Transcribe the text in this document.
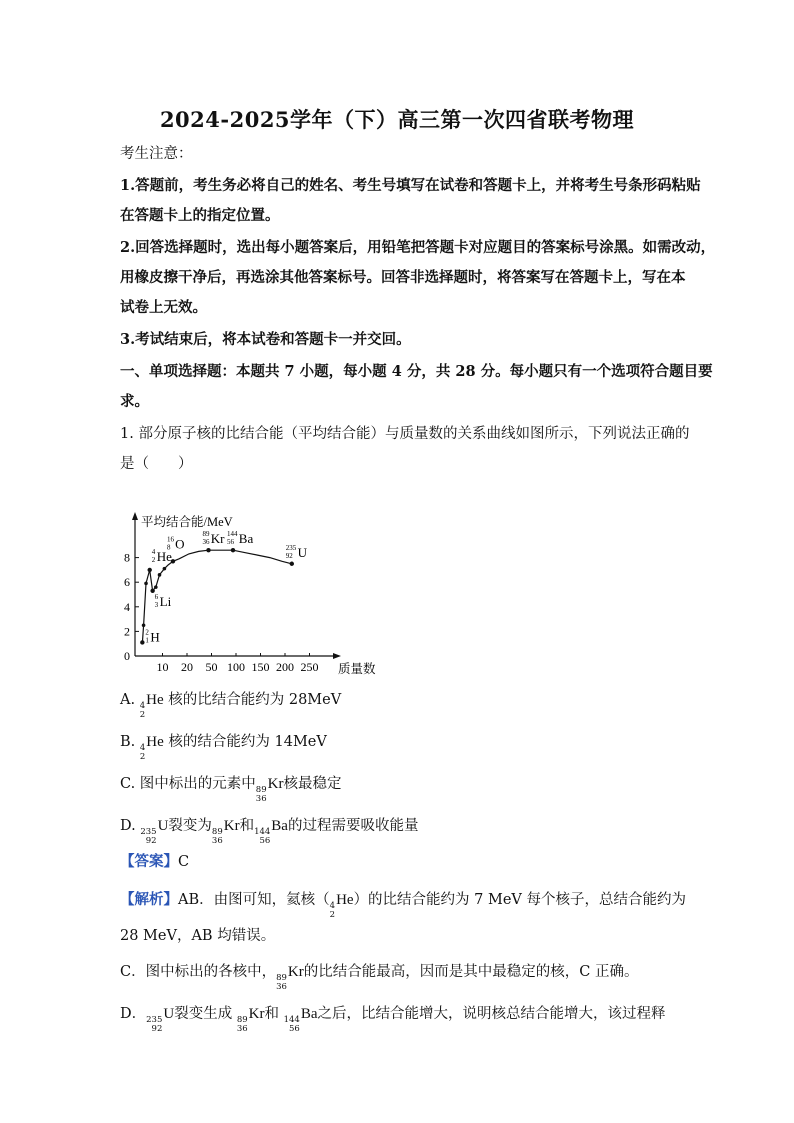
2024-2025学年（下）高三第一次四省联考物理
考生注意：
1.答题前，考生务必将自己的姓名、考生号填写在试卷和答题卡上，并将考生号条形码粘贴
在答题卡上的指定位置。
2.回答选择题时，选出每小题答案后，用铅笔把答题卡对应题目的答案标号涂黑。如需改动，
用橡皮擦干净后，再选涂其他答案标号。回答非选择题时，将答案写在答题卡上，写在本
试卷上无效。
3.考试结束后，将本试卷和答题卡一并交回。
一、单项选择题：本题共 7 小题，每小题 4 分，共 28 分。每小题只有一个选项符合题目要
求。
1. 部分原子核的比结合能（平均结合能）与质量数的关系曲线如图所示，下列说法正确的
是（　　）
平均结合能/MeV
质量数
0
2
4
6
8
10 20 50 100 150 200 250
2
1 H
4
2 He
6
3 Li
16
8 O
89
36 Kr 144
56 Ba
235
92 U
A. 4
2
He 核的比结合能约为 28MeV
B. 4
2
He 核的结合能约为 14MeV
C. 图中标出的元素中 89
36
Kr核最稳定
D. 235
92
U裂变为 89
36
Kr和 144
56
Ba的过程需要吸收能量
【答案】C
【解析】AB．由图可知，氦核（ 4
2
He）的比结合能约为 7 MeV 每个核子，总结合能约为
28 MeV，AB 均错误。
C．图中标出的各核中， 89
36
Kr的比结合能最高，因而是其中最稳定的核，C 正确。
D． 235
92
U裂变生成 89
36
Kr和 144
56
Ba之后，比结合能增大，说明核总结合能增大，该过程释
